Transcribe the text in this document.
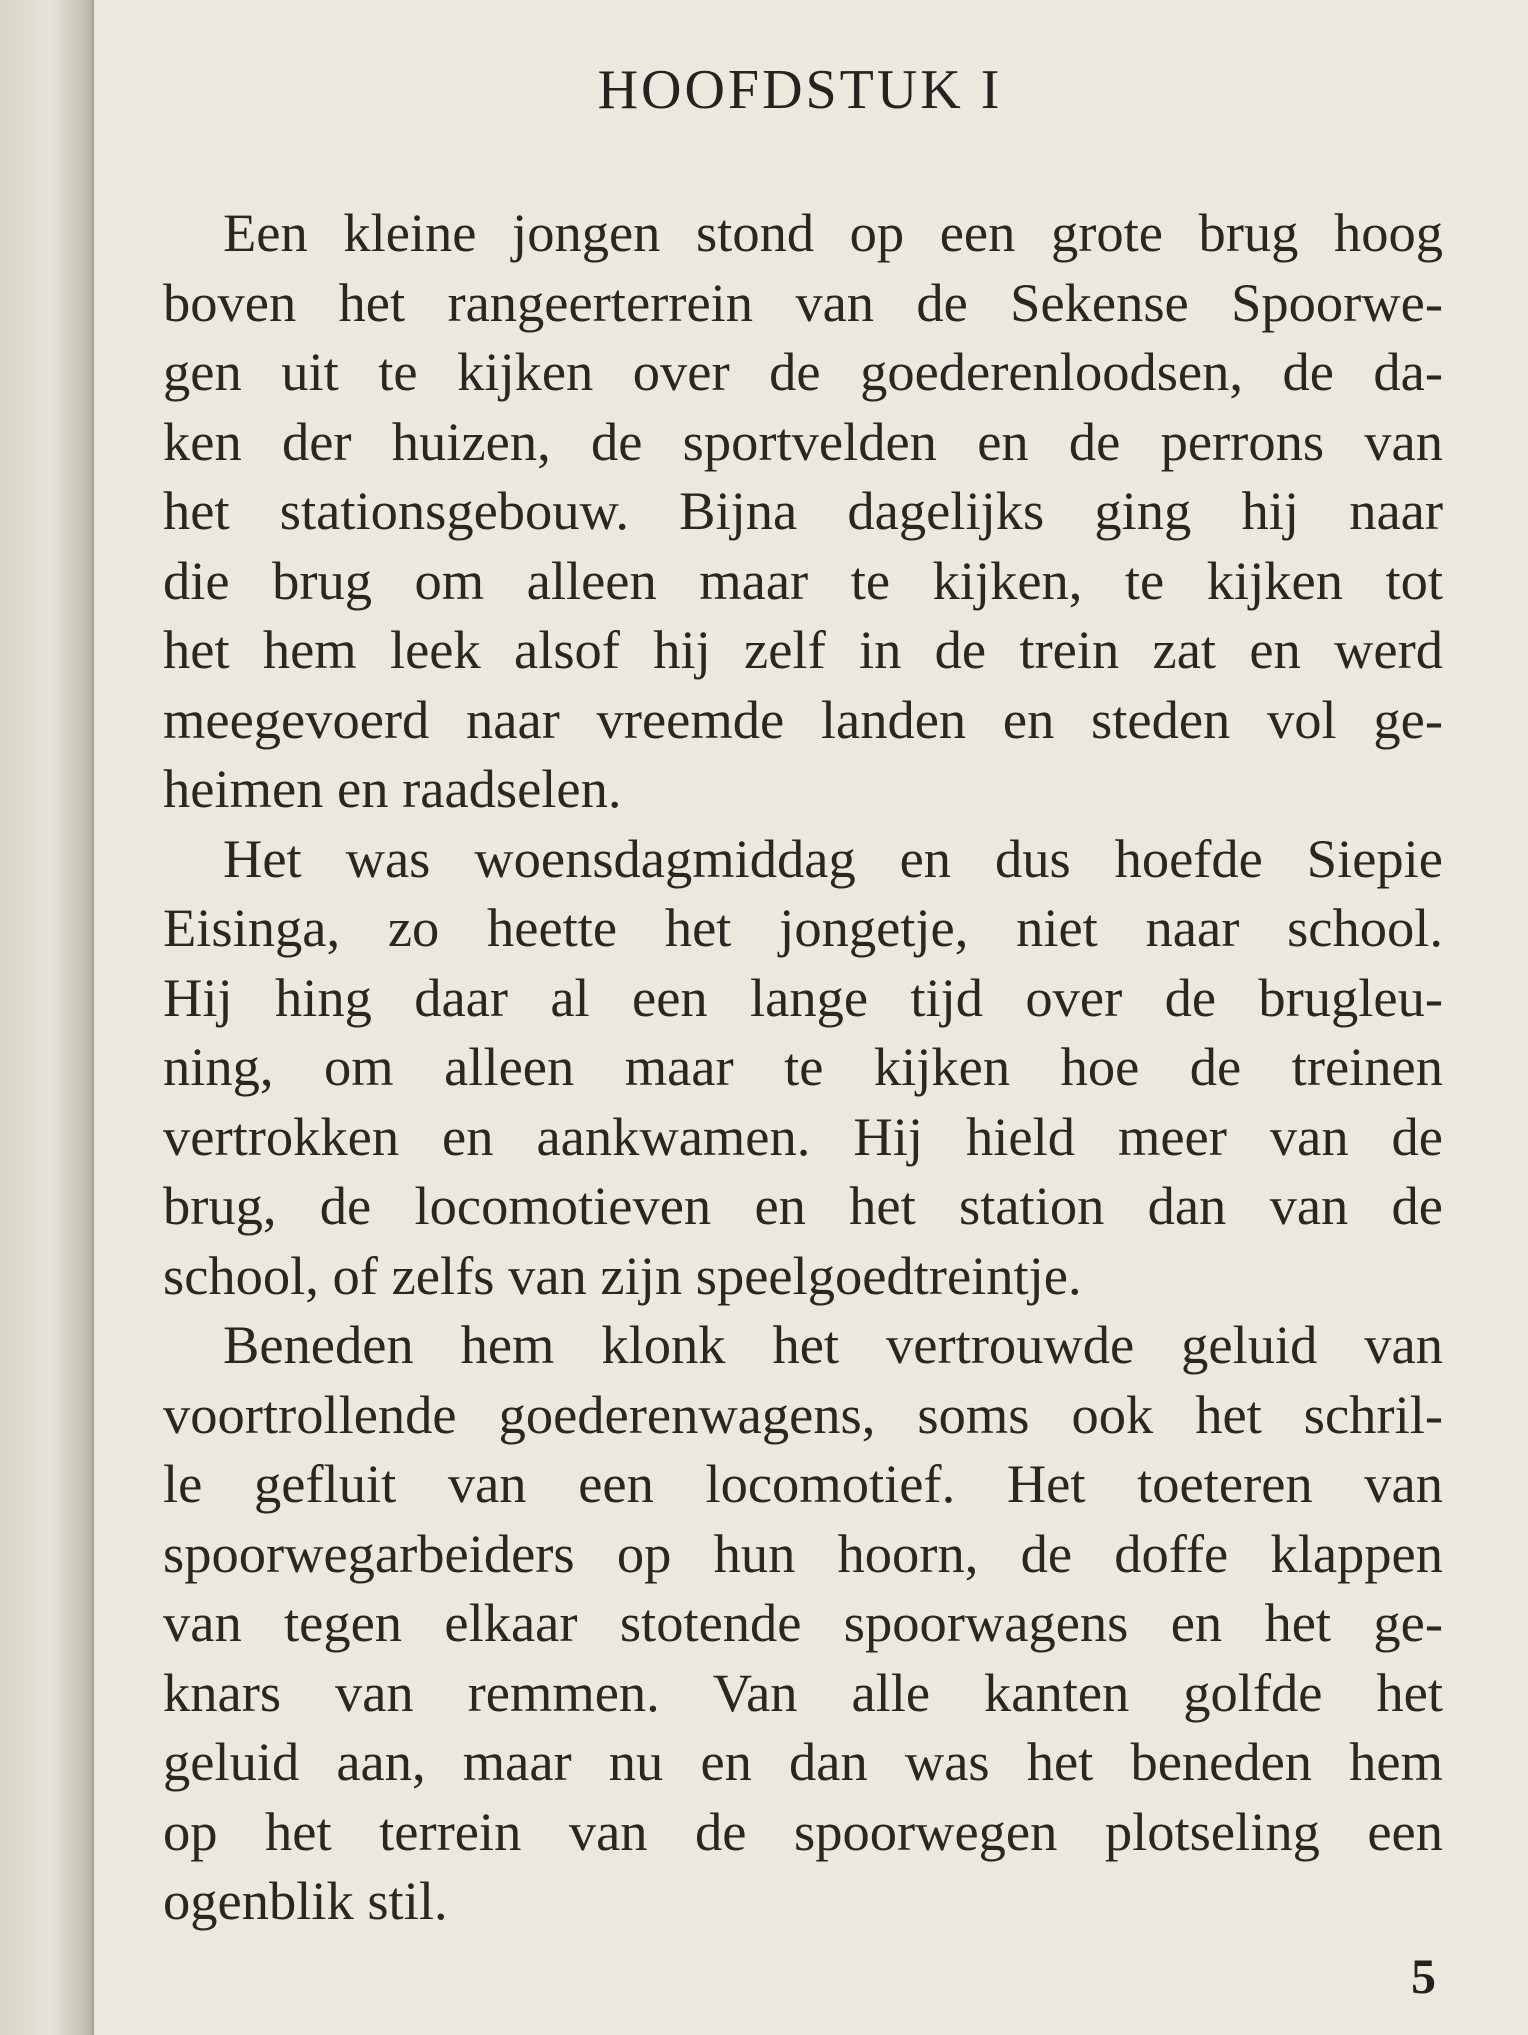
HOOFDSTUK I
Een kleine jongen stond op een grote brug hoog
boven het rangeerterrein van de Sekense Spoorwe-
gen uit te kijken over de goederenloodsen, de da-
ken der huizen, de sportvelden en de perrons van
het stationsgebouw. Bijna dagelijks ging hij naar
die brug om alleen maar te kijken, te kijken tot
het hem leek alsof hij zelf in de trein zat en werd
meegevoerd naar vreemde landen en steden vol ge-
heimen en raadselen.
Het was woensdagmiddag en dus hoefde Siepie
Eisinga, zo heette het jongetje, niet naar school.
Hij hing daar al een lange tijd over de brugleu-
ning, om alleen maar te kijken hoe de treinen
vertrokken en aankwamen. Hij hield meer van de
brug, de locomotieven en het station dan van de
school, of zelfs van zijn speelgoedtreintje.
Beneden hem klonk het vertrouwde geluid van
voortrollende goederenwagens, soms ook het schril-
le gefluit van een locomotief. Het toeteren van
spoorwegarbeiders op hun hoorn, de doffe klappen
van tegen elkaar stotende spoorwagens en het ge-
knars van remmen. Van alle kanten golfde het
geluid aan, maar nu en dan was het beneden hem
op het terrein van de spoorwegen plotseling een
ogenblik stil.
5
